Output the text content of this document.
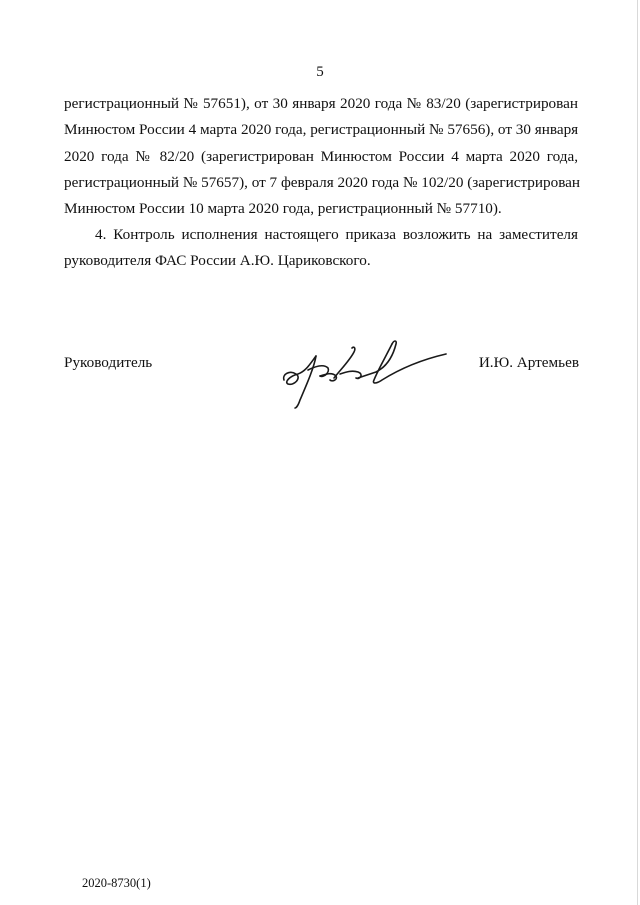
5
регистрационный № 57651), от 30 января 2020 года № 83/20 (зарегистрирован
Минюстом России 4 марта 2020 года, регистрационный № 57656), от 30 января
2020 года № 82/20 (зарегистрирован Минюстом России 4 марта 2020 года,
регистрационный № 57657), от 7 февраля 2020 года № 102/20 (зарегистрирован
Минюстом России 10 марта 2020 года, регистрационный № 57710).
4. Контроль исполнения настоящего приказа возложить на заместителя
руководителя ФАС России А.Ю. Цариковского.
Руководитель	И.Ю. Артемьев
2020-8730(1)
